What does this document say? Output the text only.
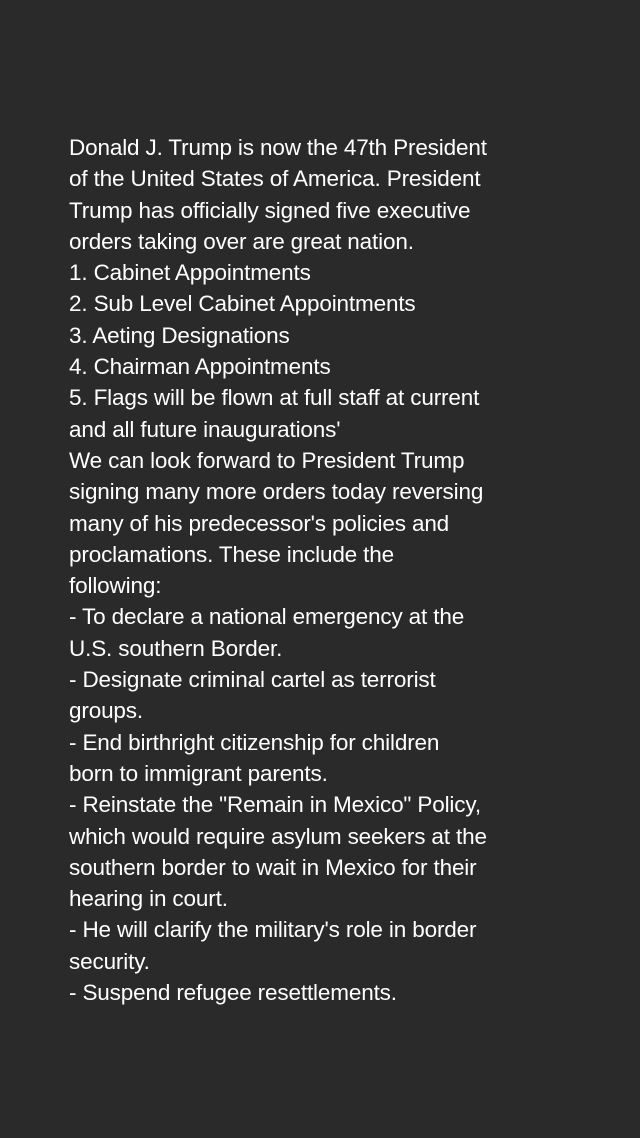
Donald J. Trump is now the 47th President
of the United States of America. President
Trump has officially signed five executive
orders taking over are great nation.
1. Cabinet Appointments
2. Sub Level Cabinet Appointments
3. Aeting Designations
4. Chairman Appointments
5. Flags will be flown at full staff at current
and all future inaugurations'
We can look forward to President Trump
signing many more orders today reversing
many of his predecessor's policies and
proclamations. These include the
following:
- To declare a national emergency at the
U.S. southern Border.
- Designate criminal cartel as terrorist
groups.
- End birthright citizenship for children
born to immigrant parents.
- Reinstate the "Remain in Mexico" Policy,
which would require asylum seekers at the
southern border to wait in Mexico for their
hearing in court.
- He will clarify the military's role in border
security.
- Suspend refugee resettlements.
